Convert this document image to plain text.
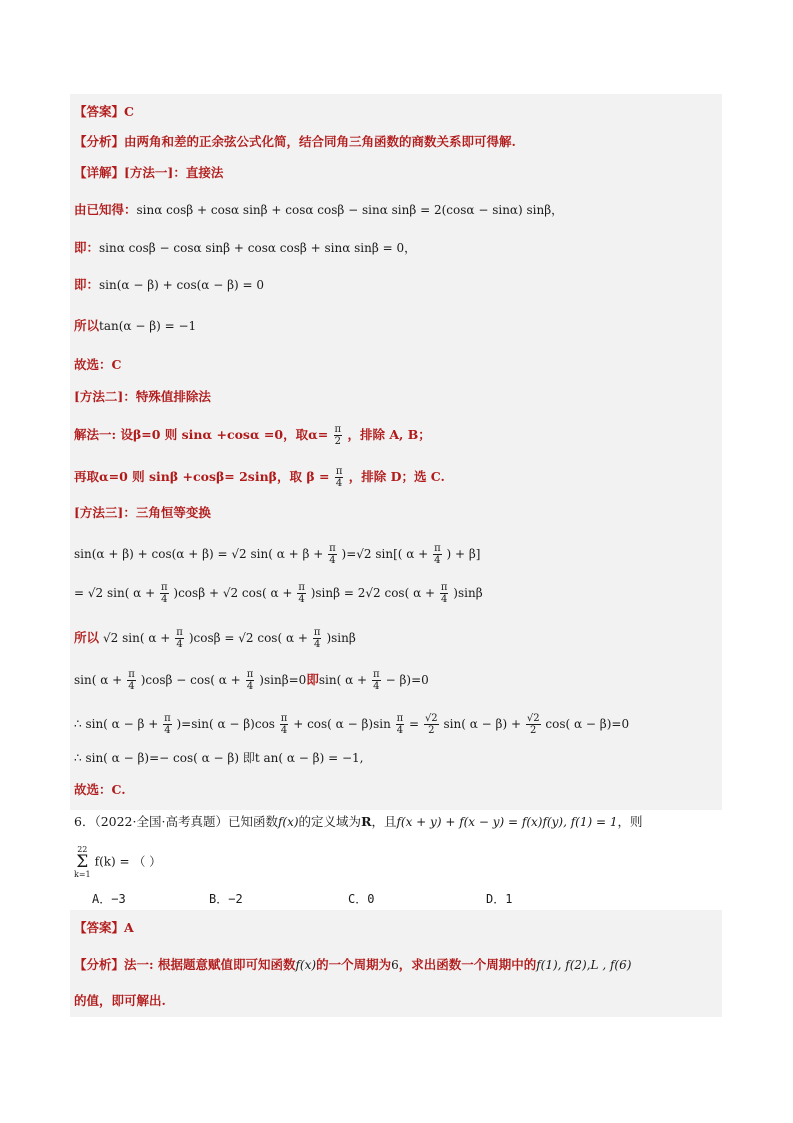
【答案】C
【分析】由两角和差的正余弦公式化简，结合同角三角函数的商数关系即可得解.
【详解】[方法一]：直接法
由已知得：sinα cosβ + cosα sinβ + cosα cosβ − sinα sinβ = 2(cosα − sinα) sinβ，
即：sinα cosβ − cosα sinβ + cosα cosβ + sinα sinβ = 0，
即：sin(α − β) + cos(α − β) = 0
所以tan(α − β) = −1
故选：C
[方法二]：特殊值排除法
解法一: 设β=0 则 sinα +cosα =0，取$\alpha= \frac{\pi}{2}$ ，排除 A, B；
再取α=0 则 sinβ +cosβ= 2sinβ，取 $\beta = \frac{\pi}{4}$ ，排除 D；选 C.
[方法三]：三角恒等变换
sin(α + β) + cos(α + β) = √2 sin( $\alpha + \beta + \frac{\pi}{4} )=√2$ sin[( $\alpha + \frac{\pi}{4}$ ) + β]
= √2 sin( $\alpha + \frac{\pi}{4} )\cos\beta + √2$ cos( $\alpha + \frac{\pi}{4} )\sin\beta = 2√2$ cos( $\alpha + \frac{\pi}{4} )\sin\beta$
所以 √2 sin( $\alpha + \frac{\pi}{4} )\cos\beta = √2$ cos( $\alpha + \frac{\pi}{4} )\sin\beta$
sin( $\alpha + \frac{\pi}{4} )\cos\beta - \cos$( $\alpha + \frac{\pi}{4} )\sin\beta=0$即sin( $\alpha + \frac{\pi}{4} - \beta)=0$
∴ sin( $\alpha - \beta + \frac{\pi}{4} )=\sin$( $\alpha - \beta)\cos \frac{\pi}{4} + \cos$( $\alpha - \beta)\sin \frac{\pi}{4} = \frac{√2}{2} \sin$( $\alpha - \beta) + \frac{√2}{2} \cos$( α − β)=0
∴ sin( α − β)=− cos( α − β) 即t an( α − β) = −1,
故选：C.
6．（2022·全国·高考真题）已知函数f(x)的定义域为R，且f(x + y) + f(x − y) = f(x)f(y), f(1) = 1，则
22
Σ
k=1
f(k) = （ ）
A．−3	B．−2	C．0	D．1
【答案】A
【分析】法一: 根据题意赋值即可知函数f(x)的一个周期为6，求出函数一个周期中的f(1), f(2),L , f(6)
的值，即可解出.
